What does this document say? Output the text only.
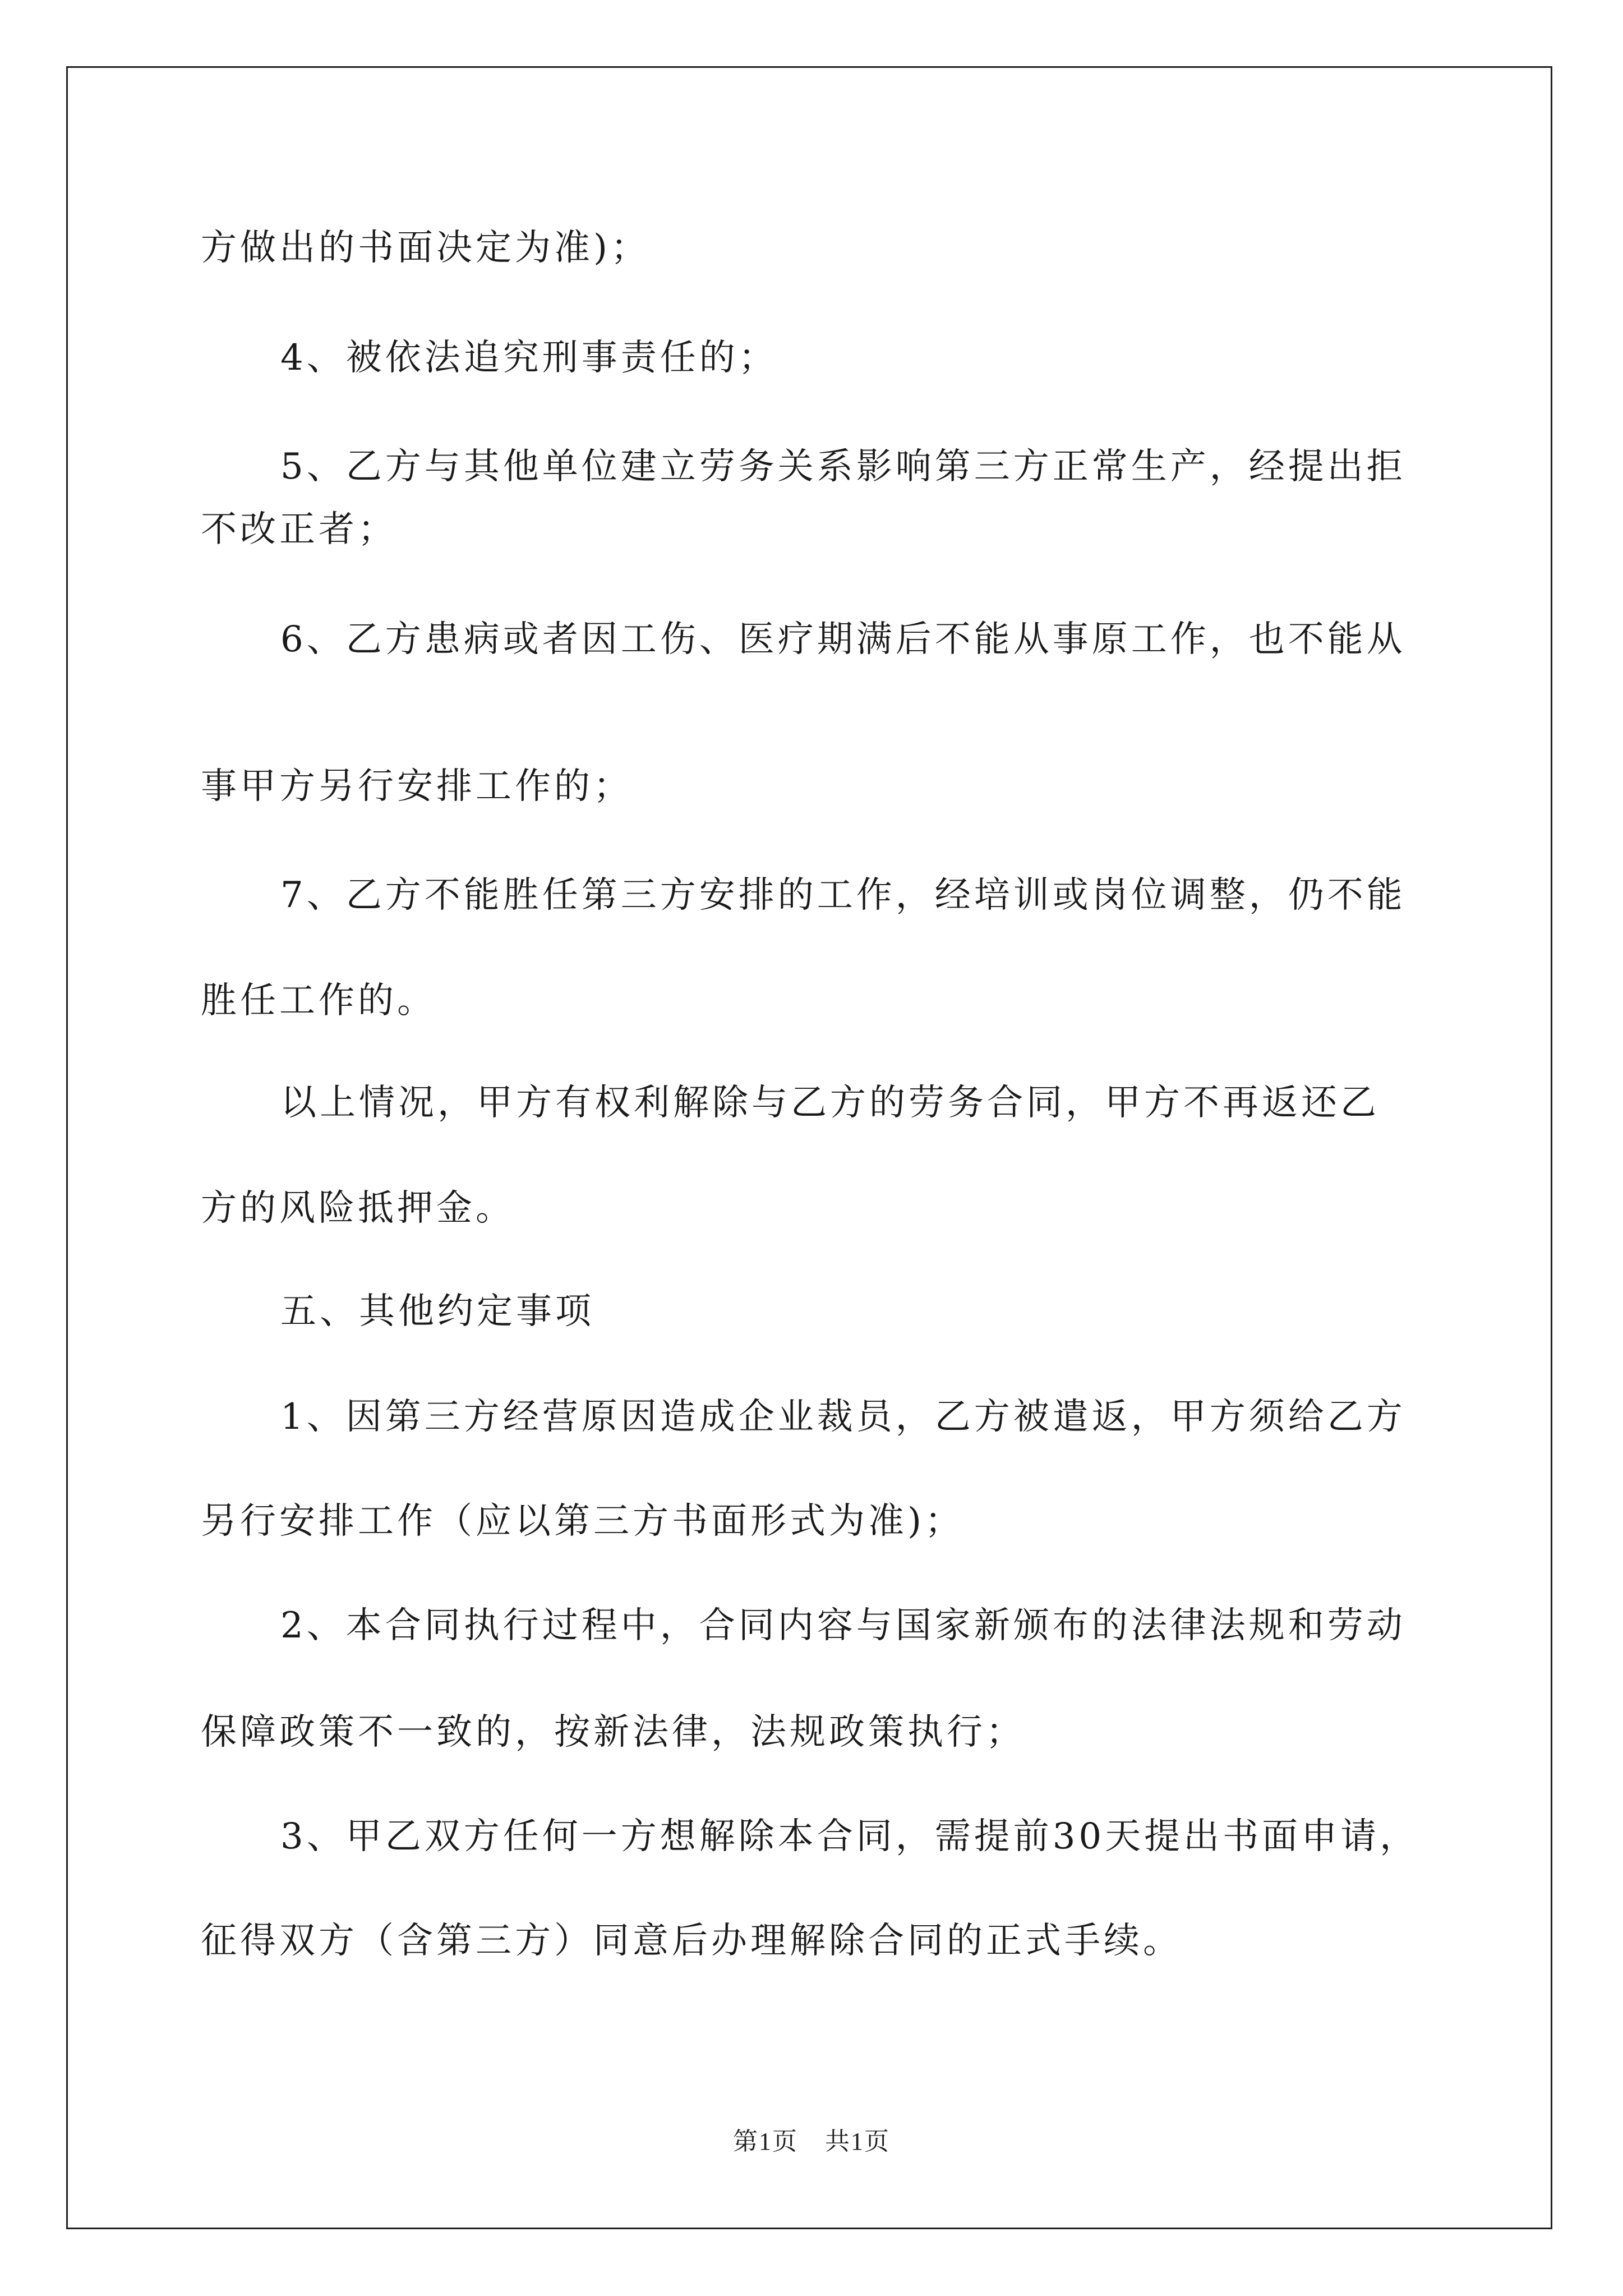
方做出的书面决定为准)；
4、被依法追究刑事责任的；
5、乙方与其他单位建立劳务关系影响第三方正常生产，经提出拒
不改正者；
6、乙方患病或者因工伤、医疗期满后不能从事原工作，也不能从
事甲方另行安排工作的；
7、乙方不能胜任第三方安排的工作，经培训或岗位调整，仍不能
胜任工作的。
以上情况，甲方有权利解除与乙方的劳务合同，甲方不再返还乙
方的风险抵押金。
五、其他约定事项
1、因第三方经营原因造成企业裁员，乙方被遣返，甲方须给乙方
另行安排工作（应以第三方书面形式为准)；
2、本合同执行过程中，合同内容与国家新颁布的法律法规和劳动
保障政策不一致的，按新法律，法规政策执行；
3、甲乙双方任何一方想解除本合同，需提前30天提出书面申请，
征得双方（含第三方）同意后办理解除合同的正式手续。
第1页 共1页
